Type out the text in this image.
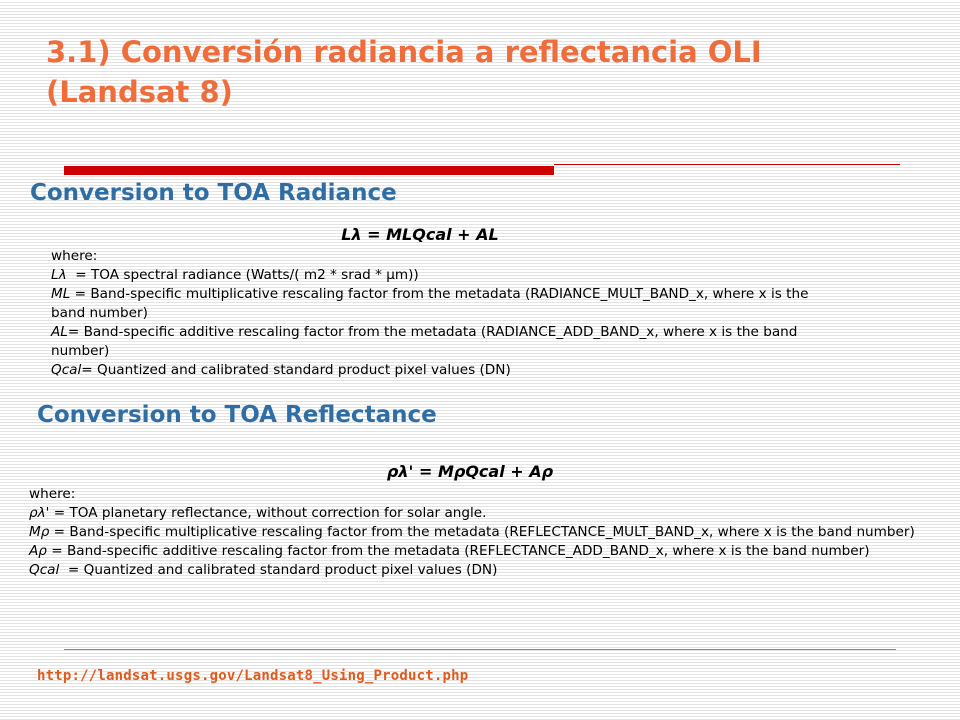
3.1) Conversión radiancia a reflectancia OLI
(Landsat 8)
Conversion to TOA Radiance
Lλ = MLQcal + AL

where:

Lλ  = TOA spectral radiance (Watts/( m2 * srad * μm))

ML = Band-specific multiplicative rescaling factor from the metadata (RADIANCE_MULT_BAND_x, where x is the band number)

AL= Band-specific additive rescaling factor from the metadata (RADIANCE_ADD_BAND_x, where x is the band number)

Qcal= Quantized and calibrated standard product pixel values (DN)

Conversion to TOA Reflectance
ρλ' = MρQcal + Aρ

where:

ρλ' = TOA planetary reflectance, without correction for solar angle.

Mρ = Band-specific multiplicative rescaling factor from the metadata (REFLECTANCE_MULT_BAND_x, where x is the band number)

Aρ = Band-specific additive rescaling factor from the metadata (REFLECTANCE_ADD_BAND_x, where x is the band number)

Qcal  = Quantized and calibrated standard product pixel values (DN)

http://landsat.usgs.gov/Landsat8_Using_Product.php
